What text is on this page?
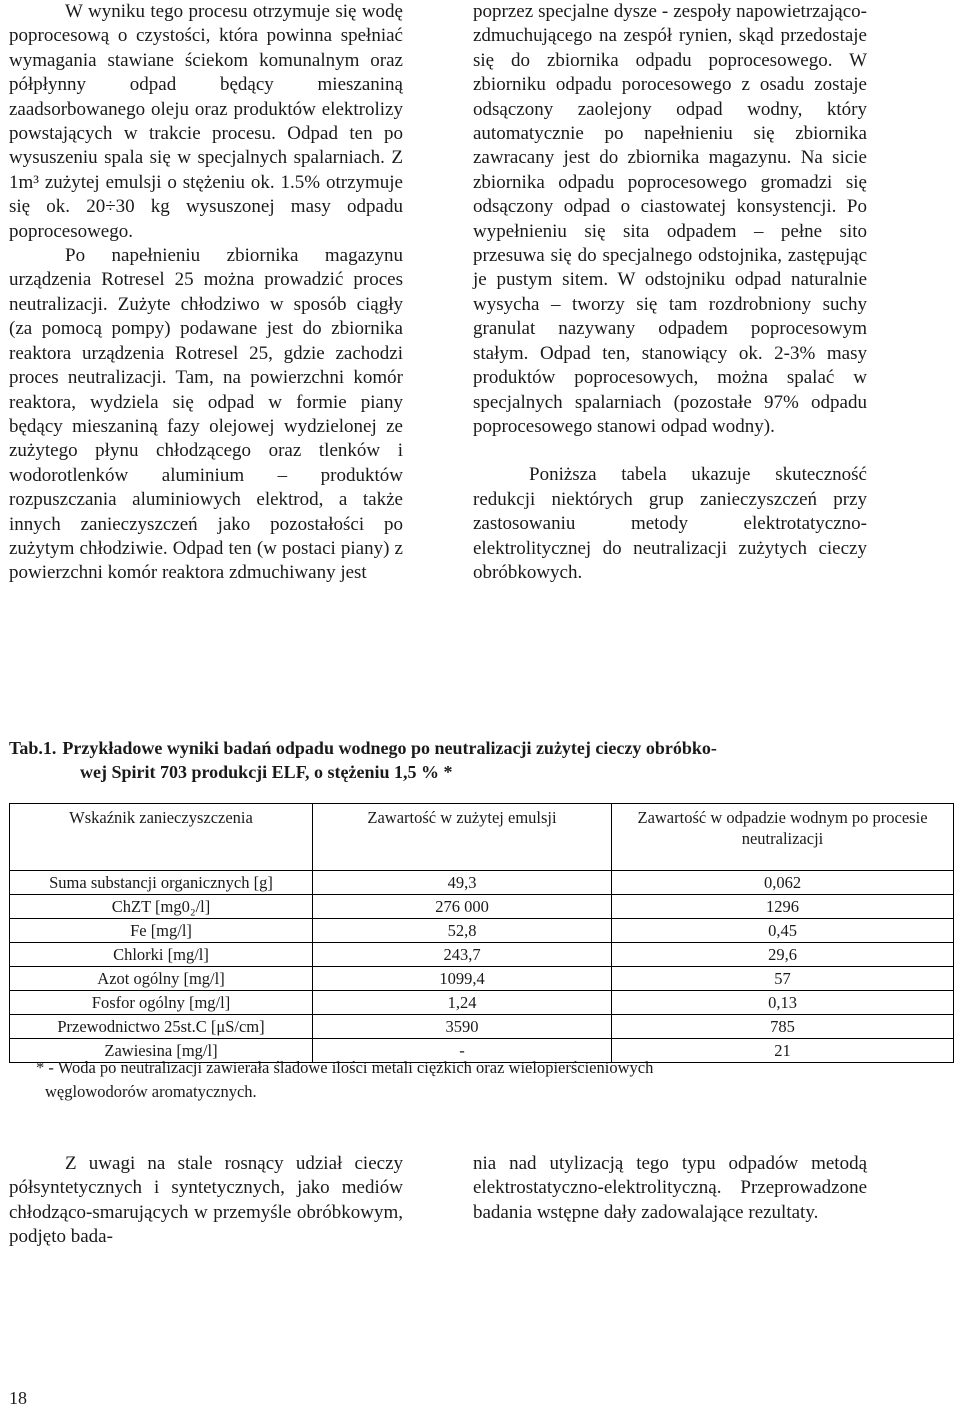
W wyniku tego procesu otrzymuje się wodę poprocesową o czystości, która powinna spełniać wymagania stawiane ściekom komunalnym oraz półpłynny odpad będący mieszaniną zaadsorbowanego oleju oraz produktów elektrolizy powstających w trakcie procesu. Odpad ten po wysuszeniu spala się w specjalnych spalarniach. Z 1m³ zużytej emulsji o stężeniu ok. 1.5% otrzymuje się ok. 20÷30 kg wysuszonej masy odpadu poprocesowego.

Po napełnieniu zbiornika magazynu urządzenia Rotresel 25 można prowadzić proces neutralizacji. Zużyte chłodziwo w sposób ciągły (za pomocą pompy) podawane jest do zbiornika reaktora urządzenia Rotresel 25, gdzie zachodzi proces neutralizacji. Tam, na powierzchni komór reaktora, wydziela się odpad w formie piany będący mieszaniną fazy olejowej wydzielonej ze zużytego płynu chłodzącego oraz tlenków i wodorotlenków aluminium – produktów rozpuszczania aluminiowych elektrod, a także innych zanieczyszczeń jako pozostałości po zużytym chłodziwie. Odpad ten (w postaci piany) z powierzchni komór reaktora zdmuchiwany jest

poprzez specjalne dysze - zespoły napowietrzająco-zdmuchującego na zespół rynien, skąd przedostaje się do zbiornika odpadu poprocesowego. W zbiorniku odpadu porocesowego z osadu zostaje odsączony zaolejony odpad wodny, który automatycznie po napełnieniu się zbiornika zawracany jest do zbiornika magazynu. Na sicie zbiornika odpadu poprocesowego gromadzi się odsączony odpad o ciastowatej konsystencji. Po wypełnieniu się sita odpadem – pełne sito przesuwa się do specjalnego odstojnika, zastępując je pustym sitem. W odstojniku odpad naturalnie wysycha – tworzy się tam rozdrobniony suchy granulat nazywany odpadem poprocesowym stałym. Odpad ten, stanowiący ok. 2-3% masy produktów poprocesowych, można spalać w specjalnych spalarniach (pozostałe 97% odpadu poprocesowego stanowi odpad wodny).

Poniższa tabela ukazuje skuteczność redukcji niektórych grup zanieczyszczeń przy zastosowaniu metody elektrotatyczno-elektrolitycznej do neutralizacji zużytych cieczy obróbkowych.

Tab.1. Przykładowe wyniki badań odpadu wodnego po neutralizacji zużytej cieczy obróbko-
wej Spirit 703 produkcji ELF, o stężeniu 1,5 % *
Wskaźnik zanieczyszczenia	Zawartość w zużytej emulsji	Zawartość w odpadzie wodnym po procesie neutralizacji
Suma substancji organicznych [g]	49,3	0,062
ChZT [mg0₂/l]	276 000	1296
Fe [mg/l]	52,8	0,45
Chlorki [mg/l]	243,7	29,6
Azot ogólny [mg/l]	1099,4	57
Fosfor ogólny [mg/l]	1,24	0,13
Przewodnictwo 25st.C [μS/cm]	3590	785
Zawiesina [mg/l]	-	21
* - Woda po neutralizacji zawierała śladowe ilości metali ciężkich oraz wielopierścieniowych
węglowodorów aromatycznych.

Z uwagi na stale rosnący udział cieczy półsyntetycznych i syntetycznych, jako mediów chłodząco-smarujących w przemyśle obróbkowym, podjęto bada-

nia nad utylizacją tego typu odpadów metodą elektrostatyczno-elektrolityczną. Przeprowadzone badania wstępne dały zadowalające rezultaty.

18
